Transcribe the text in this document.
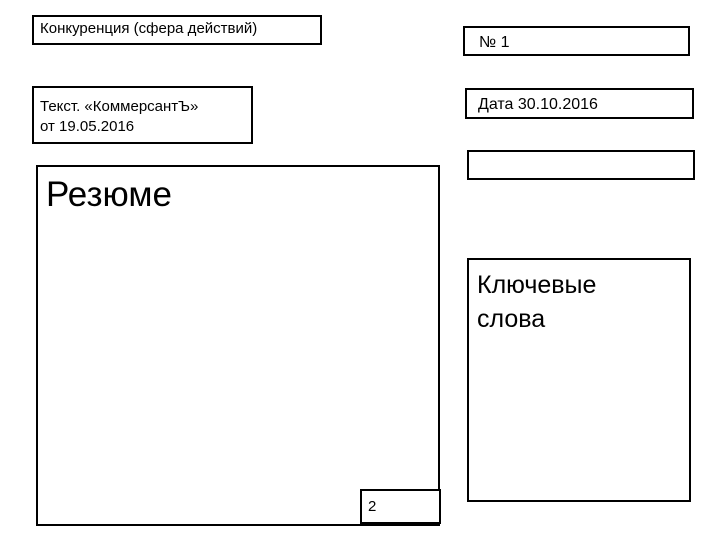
Конкуренция (сфера действий)
№ 1
Текст. «КоммерсантЪ»
от 19.05.2016
Дата 30.10.2016
Резюме
Ключевые
слова
2
